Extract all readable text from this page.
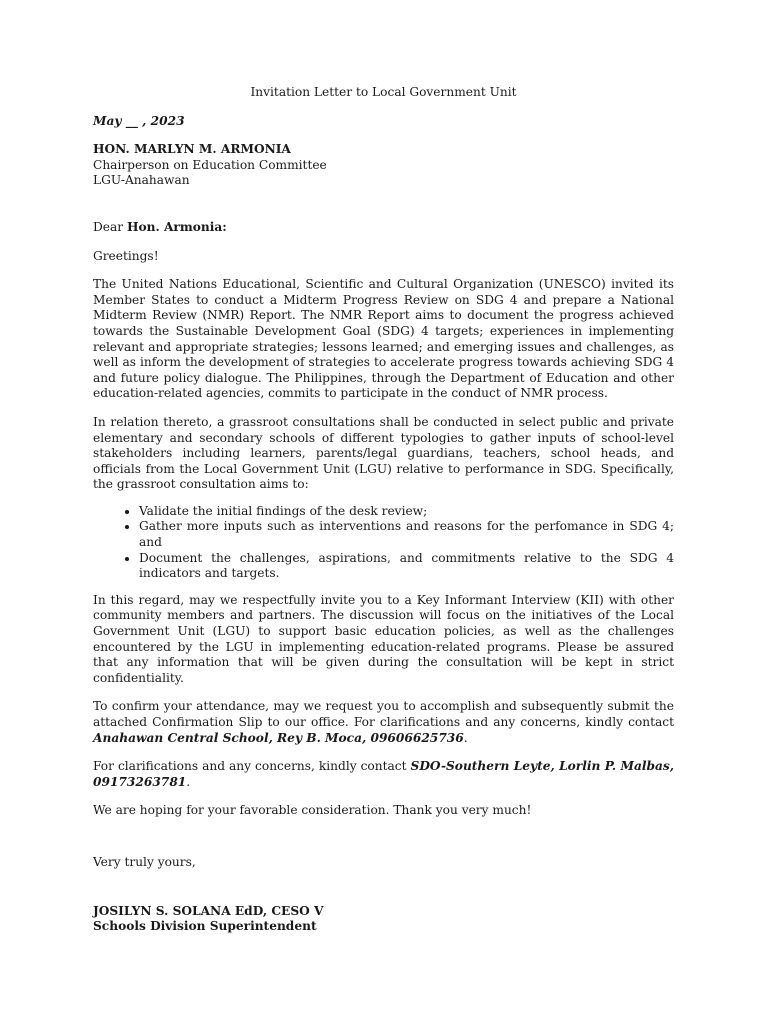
Invitation Letter to Local Government Unit
May __ , 2023
HON. MARLYN M. ARMONIA
Chairperson on Education Committee
LGU-Anahawan
Dear Hon. Armonia:
Greetings!

The United Nations Educational, Scientific and Cultural Organization (UNESCO) invited its Member States to conduct a Midterm Progress Review on SDG 4 and prepare a National Midterm Review (NMR) Report. The NMR Report aims to document the progress achieved towards the Sustainable Development Goal (SDG) 4 targets; experiences in implementing relevant and appropriate strategies; lessons learned; and emerging issues and challenges, as well as inform the development of strategies to accelerate progress towards achieving SDG 4 and future policy dialogue. The Philippines, through the Department of Education and other education-related agencies, commits to participate in the conduct of NMR process.

In relation thereto, a grassroot consultations shall be conducted in select public and private elementary and secondary schools of different typologies to gather inputs of school-level stakeholders including learners, parents/legal guardians, teachers, school heads, and officials from the Local Government Unit (LGU) relative to performance in SDG. Specifically, the grassroot consultation aims to:

• Validate the initial findings of the desk review;
• Gather more inputs such as interventions and reasons for the perfomance in SDG 4; and
• Document the challenges, aspirations, and commitments relative to the SDG 4 indicators and targets.

In this regard, may we respectfully invite you to a Key Informant Interview (KII) with other community members and partners. The discussion will focus on the initiatives of the Local Government Unit (LGU) to support basic education policies, as well as the challenges encountered by the LGU in implementing education-related programs. Please be assured that any information that will be given during the consultation will be kept in strict confidentiality.

To confirm your attendance, may we request you to accomplish and subsequently submit the attached Confirmation Slip to our office. For clarifications and any concerns, kindly contact Anahawan Central School, Rey B. Moca, 09606625736.

For clarifications and any concerns, kindly contact SDO-Southern Leyte, Lorlin P. Malbas, 09173263781.

We are hoping for your favorable consideration. Thank you very much!

Very truly yours,
JOSILYN S. SOLANA EdD, CESO V
Schools Division Superintendent
